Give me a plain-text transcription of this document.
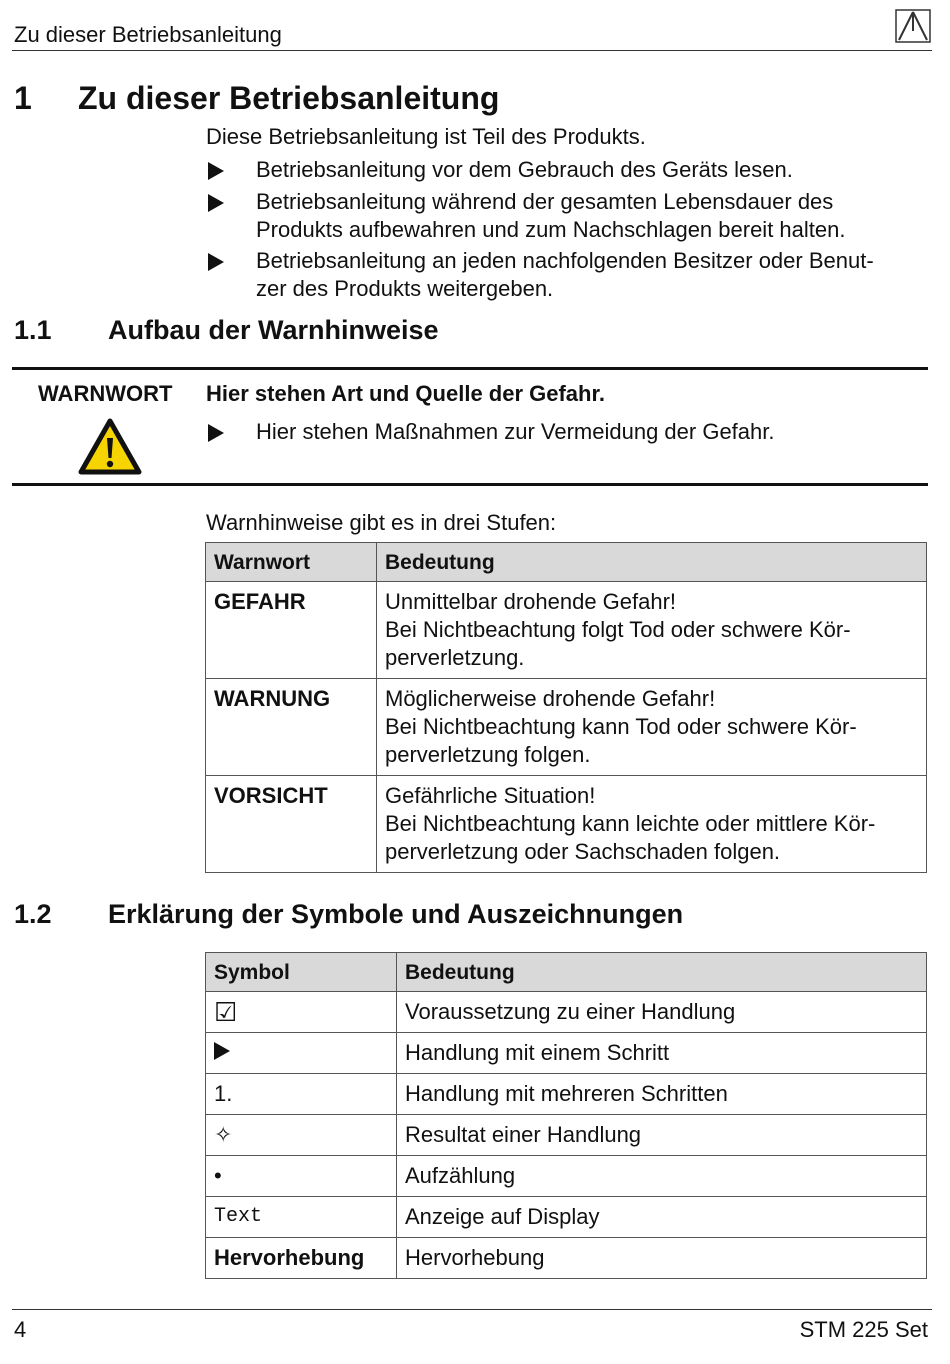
Zu dieser Betriebsanleitung
1 Zu dieser Betriebsanleitung
Diese Betriebsanleitung ist Teil des Produkts.
Betriebsanleitung vor dem Gebrauch des Geräts lesen.
Betriebsanleitung während der gesamten Lebensdauer des
Produkts aufbewahren und zum Nachschlagen bereit halten.
Betriebsanleitung an jeden nachfolgenden Besitzer oder Benut-
zer des Produkts weitergeben.
1.1 Aufbau der Warnhinweise
WARNWORT Hier stehen Art und Quelle der Gefahr.
Hier stehen Maßnahmen zur Vermeidung der Gefahr.
Warnhinweise gibt es in drei Stufen:
Warnwort	Bedeutung
GEFAHR	Unmittelbar drohende Gefahr!
Bei Nichtbeachtung folgt Tod oder schwere Kör-
perverletzung.

WARNUNG	Möglicherweise drohende Gefahr!
Bei Nichtbeachtung kann Tod oder schwere Kör-
perverletzung folgen.

VORSICHT	Gefährliche Situation!
Bei Nichtbeachtung kann leichte oder mittlere Kör-
perverletzung oder Sachschaden folgen.
1.2 Erklärung der Symbole und Auszeichnungen
Symbol	Bedeutung
☑	Voraussetzung zu einer Handlung
	Handlung mit einem Schritt
1.	Handlung mit mehreren Schritten
✧	Resultat einer Handlung
•	Aufzählung
Text	Anzeige auf Display
Hervorhebung	Hervorhebung
4	STM 225 Set
